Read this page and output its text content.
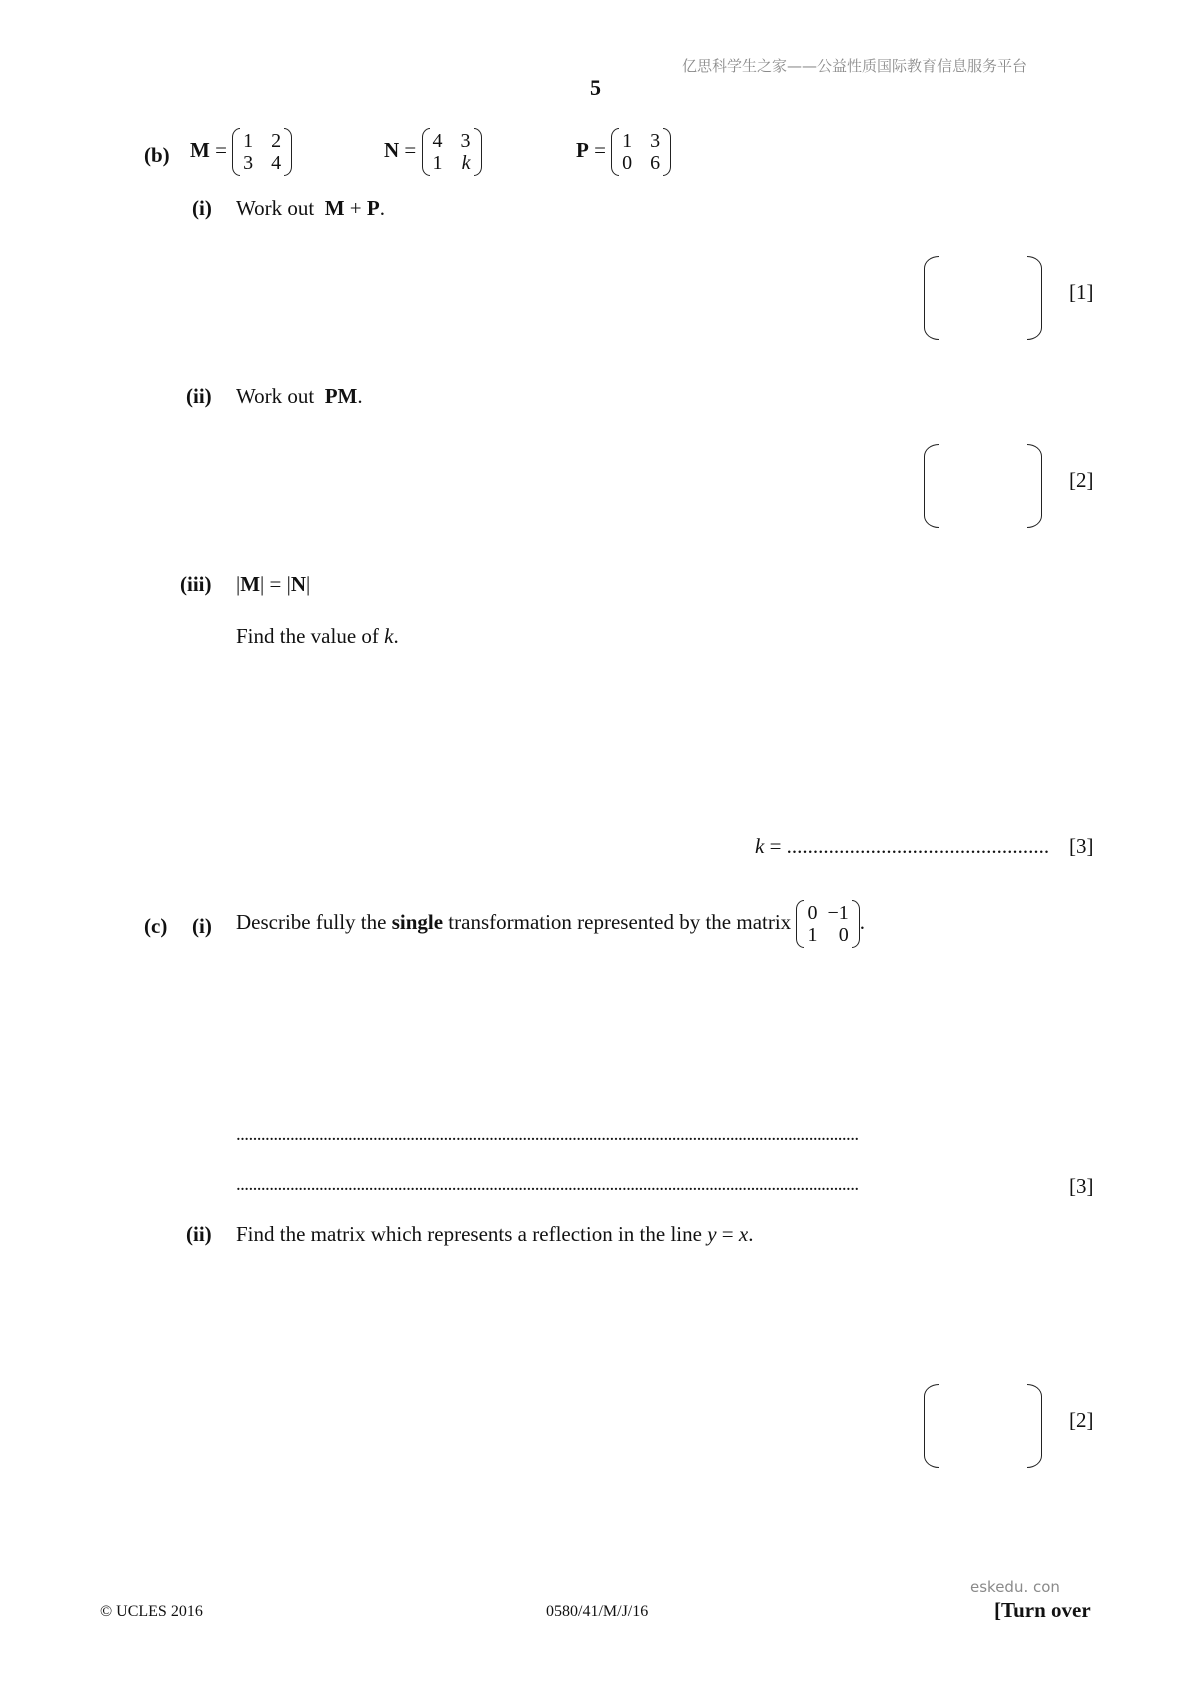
亿思科学生之家——公益性质国际教育信息服务平台
5
(b) M = 1 2
3 4
N = 4 3
1 k
P = 1 3
0 6
(i) Work out M + P.
[1]
(ii) Work out PM.
[2]
(iii) |M| = |N|
Find the value of k.
k = .................................................. [3]
(c) (i) Describe fully the single transformation represented by the matrix 0 −1
1	0
.
......................................................................................................................................................
......................................................................................................................................................	[3]
(ii) Find the matrix which represents a reflection in the line y = x.
[2]
eskedu. con
© UCLES 2016	0580/41/M/J/16	[Turn over
